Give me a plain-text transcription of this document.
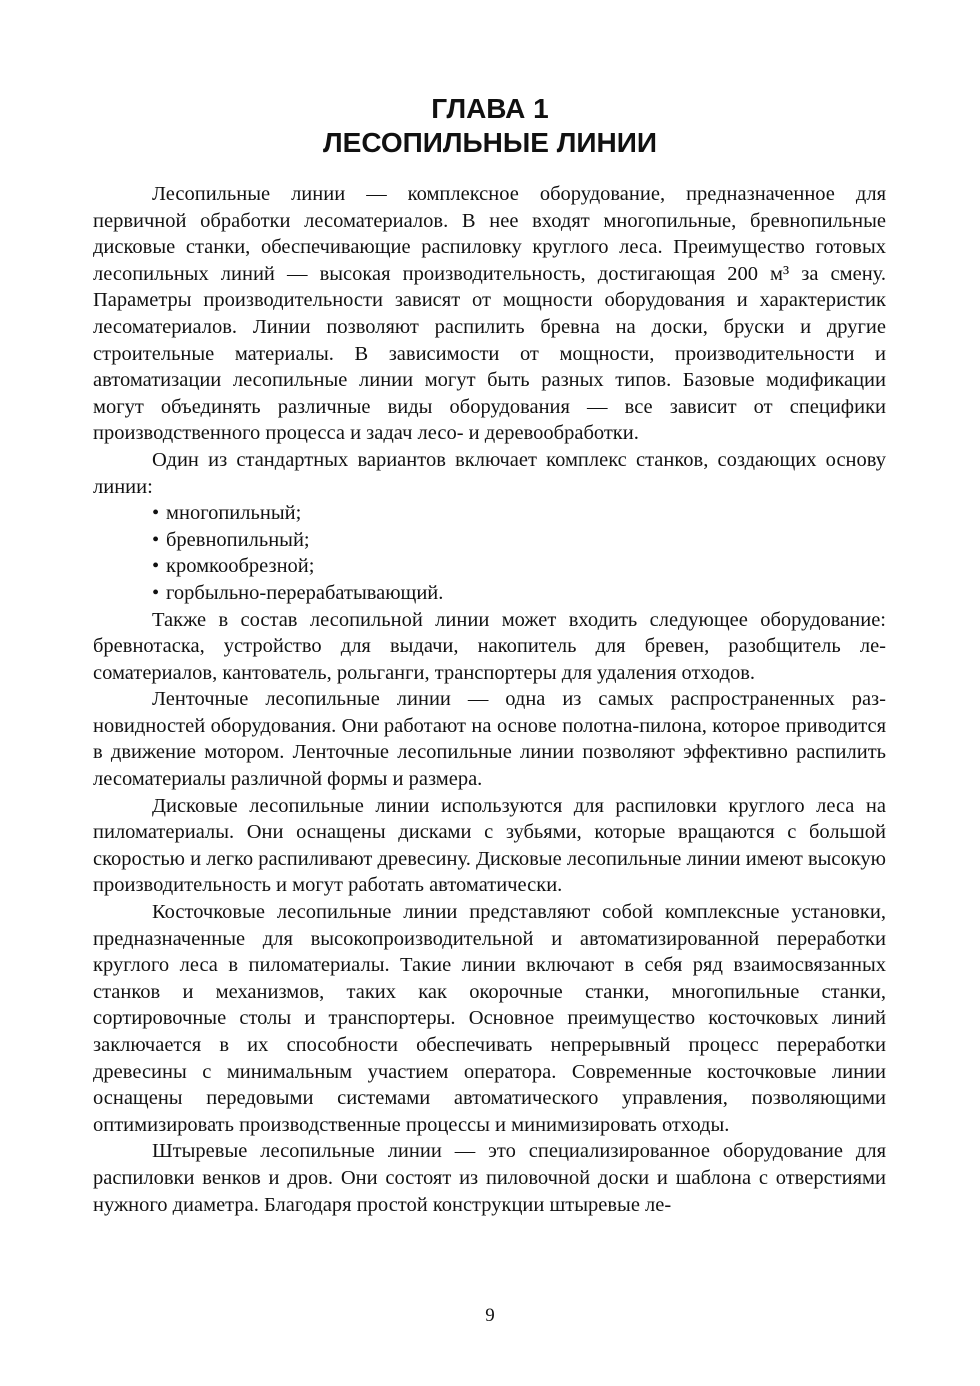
ГЛАВА 1
ЛЕСОПИЛЬНЫЕ ЛИНИИ

Лесопильные линии — комплексное оборудование, предназначенное для первичной обработки лесоматериалов. В нее входят многопильные, бревнопильные дисковые станки, обеспечивающие распиловку круглого леса. Преимущество готовых лесопильных линий — высокая производительность, достигающая 200 м³ за смену. Параметры производительности зависят от мощности оборудования и характеристик лесоматериалов. Линии позволяют распилить бревна на доски, бруски и другие строительные материалы. В зависимости от мощности, производительности и автоматизации лесопильные линии могут быть разных типов. Базовые модификации могут объединять различные виды оборудования — все зависит от специфики производственного процесса и задач лесо- и деревообработки.

Один из стандартных вариантов включает комплекс станков, создающих основу линии:

• многопильный;
• бревнопильный;
• кромкообрезной;
• горбыльно-перерабатывающий.

Также в состав лесопильной линии может входить следующее оборудование: бревнотаска, устройство для выдачи, накопитель для бревен, разобщитель лесоматериалов, кантователь, рольганги, транспортеры для удаления отходов.

Ленточные лесопильные линии — одна из самых распространенных разновидностей оборудования. Они работают на основе полотна-пилона, которое приводится в движение мотором. Ленточные лесопильные линии позволяют эффективно распилить лесоматериалы различной формы и размера.

Дисковые лесопильные линии используются для распиловки круглого леса на пиломатериалы. Они оснащены дисками с зубьями, которые вращаются с большой скоростью и легко распиливают древесину. Дисковые лесопильные линии имеют высокую производительность и могут работать автоматически.

Косточковые лесопильные линии представляют собой комплексные установки, предназначенные для высокопроизводительной и автоматизированной переработки круглого леса в пиломатериалы. Такие линии включают в себя ряд взаимосвязанных станков и механизмов, таких как окорочные станки, многопильные станки, сортировочные столы и транспортеры. Основное преимущество косточковых линий заключается в их способности обеспечивать непрерывный процесс переработки древесины с минимальным участием оператора. Современные косточковые линии оснащены передовыми системами автоматического управления, позволяющими оптимизировать производственные процессы и минимизировать отходы.

Штыревые лесопильные линии — это специализированное оборудование для распиловки венков и дров. Они состоят из пиловочной доски и шаблона с отверстиями нужного диаметра. Благодаря простой конструкции штыревые ле-

9
